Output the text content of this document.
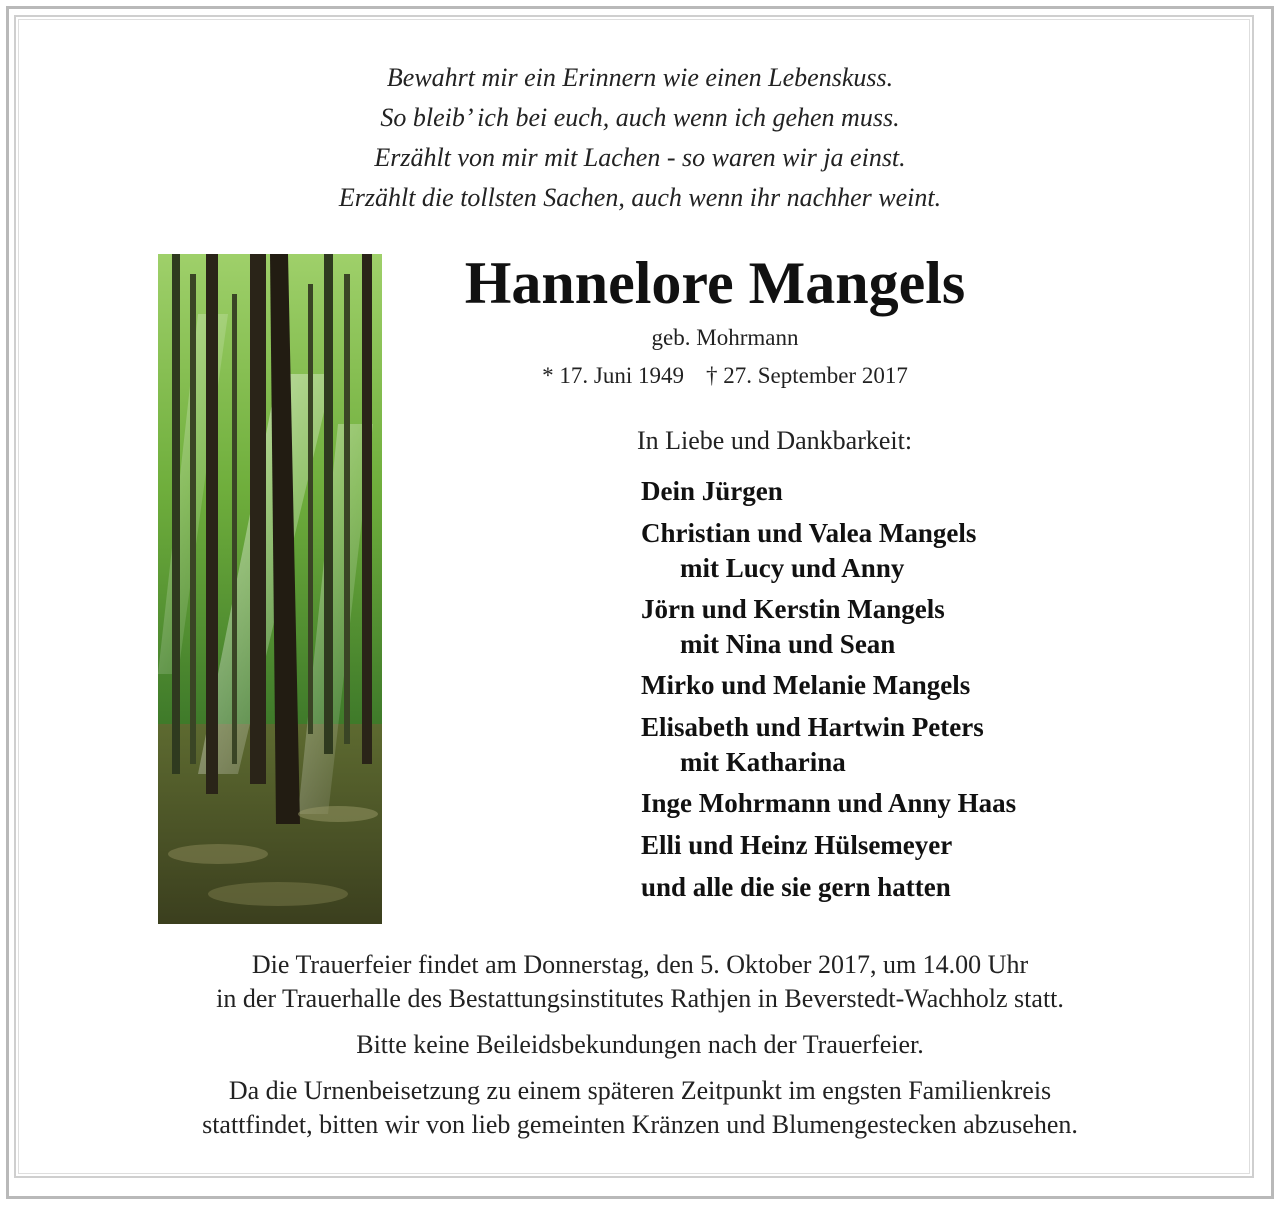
Bewahrt mir ein Erinnern wie einen Lebenskuss.
So bleib’ ich bei euch, auch wenn ich gehen muss.
Erzählt von mir mit Lachen - so waren wir ja einst.
Erzählt die tollsten Sachen, auch wenn ihr nachher weint.
Hannelore Mangels
geb. Mohrmann
* 17. Juni 1949 † 27. September 2017
In Liebe und Dankbarkeit:
Dein Jürgen
Christian und Valea Mangels
mit Lucy und Anny
Jörn und Kerstin Mangels
mit Nina und Sean
Mirko und Melanie Mangels
Elisabeth und Hartwin Peters
mit Katharina
Inge Mohrmann und Anny Haas
Elli und Heinz Hülsemeyer
und alle die sie gern hatten

Die Trauerfeier findet am Donnerstag, den 5. Oktober 2017, um 14.00 Uhr
in der Trauerhalle des Bestattungsinstitutes Rathjen in Beverstedt-Wachholz statt.

Bitte keine Beileidsbekundungen nach der Trauerfeier.

Da die Urnenbeisetzung zu einem späteren Zeitpunkt im engsten Familienkreis
stattfindet, bitten wir von lieb gemeinten Kränzen und Blumengestecken abzusehen.
